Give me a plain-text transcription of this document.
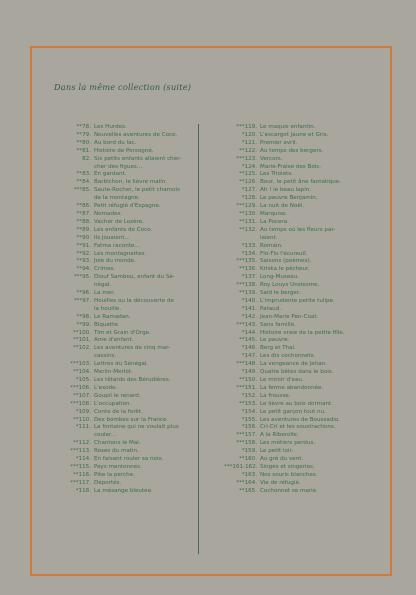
Dans la même collection (suite)
**78. Les Hurdes.
**79. Nouvelles aventures de Coco.
**80. Au bord du lac.
**81. Histoire de Porsogné.
82. Six petits enfants allaient cher-
cher des figues...
**83. En gardant.
**84. Barbichon, le lièvre malin.
***85. Saute-Rocher, le petit chamois
de la montagne.
**86. Petit réfugié d'Espagne.
**87. Nomades.
**88. Vacher de Lozère.
**89. Les enfants de Coco.
**90. Ils jouaient...
**91. Fatma raconte...
**92. Les montagnettes.
**93. Joie du monde.
**94. Crimes.
***95. Diouf Sambou, enfant du Sé-
négal.
**96. La mer.
***97. Houilles ou la découverte de
la houille.
**98. Le Ramadan.
**99. Biquette.
**100. Tim et Grain d'Orge.
**101. Ame d'enfant.
**102. Les aventures de cinq mar-
cassins.
***103. Lettres du Sénégal.
**104. Merlin-Merlot.
*105. Les têtards des Bérudières.
***106. L'exode.
**107. Goupil le renard.
***108. L'occupation.
*109. Conte de la forêt.
**110. Des bombes sur la France.
*111. La fontaine qui ne voulait plus
couler...
**112. Chantons le Mai.
***113. Roses du matin.
*114. En faisant rouler sa noix.
***115. Pays mentonnes.
**116. Pike la perche.
***117. Déportés.
*118. La mésange bleutée.
***119. Le maquis enfantin.
*120. L'escargot Jaune et Gris.
*121. Premier avril.
**122. Au temps des bergers.
***123. Vercors.
*124. Marie-Fraise des Bois.
**125. Les Triolets.
**126. Bour, le petit âne fantatique.
*127. Ah ! le beau lapin.
*128. Le pauvre Benjamin.
***129. La nuit de Noël.
**130. Marquise.
**131. La Pocera.
**132. Au temps où les fleurs par-
laient.
*133. Romain.
*134. Flo-Flo l'écureuil.
***135. Saisons (poèmes).
**136. Kriska le pêcheur.
*137. Long-Museau.
***138. Roy Louys Unziesme.
**139. Saïd le berger.
*140. L'imprudente petite tulipe.
*141. Pataud.
*142. Jean-Marie Pen-Coat.
***143. Sans famille.
*144. Histoire vraie de la petite fille.
**145. Le pauvre.
*146. Berg et Thal.
*147. Les dix cochonnets.
***148. La vengeance de Jehan.
*149. Quatre bêtes dans le bois.
**150. Le miroir d'eau.
***151. La ferme abandonnée.
*152. La frousse.
**153. Le lièvre au bois dormant.
*154. Le petit garçon tout nu.
*155. Les aventures de Boussadio.
*156. Cri-Cri et les soustractions.
***157. A la Riberolle.
***158. Les métiers perdus.
*159. Le petit loir.
**160. Au gré du vent.
***161-162. Singes et singeries.
*163. Nos souris blanches.
***164. Vie de réfugié.
**165. Cochonnet se marie.
